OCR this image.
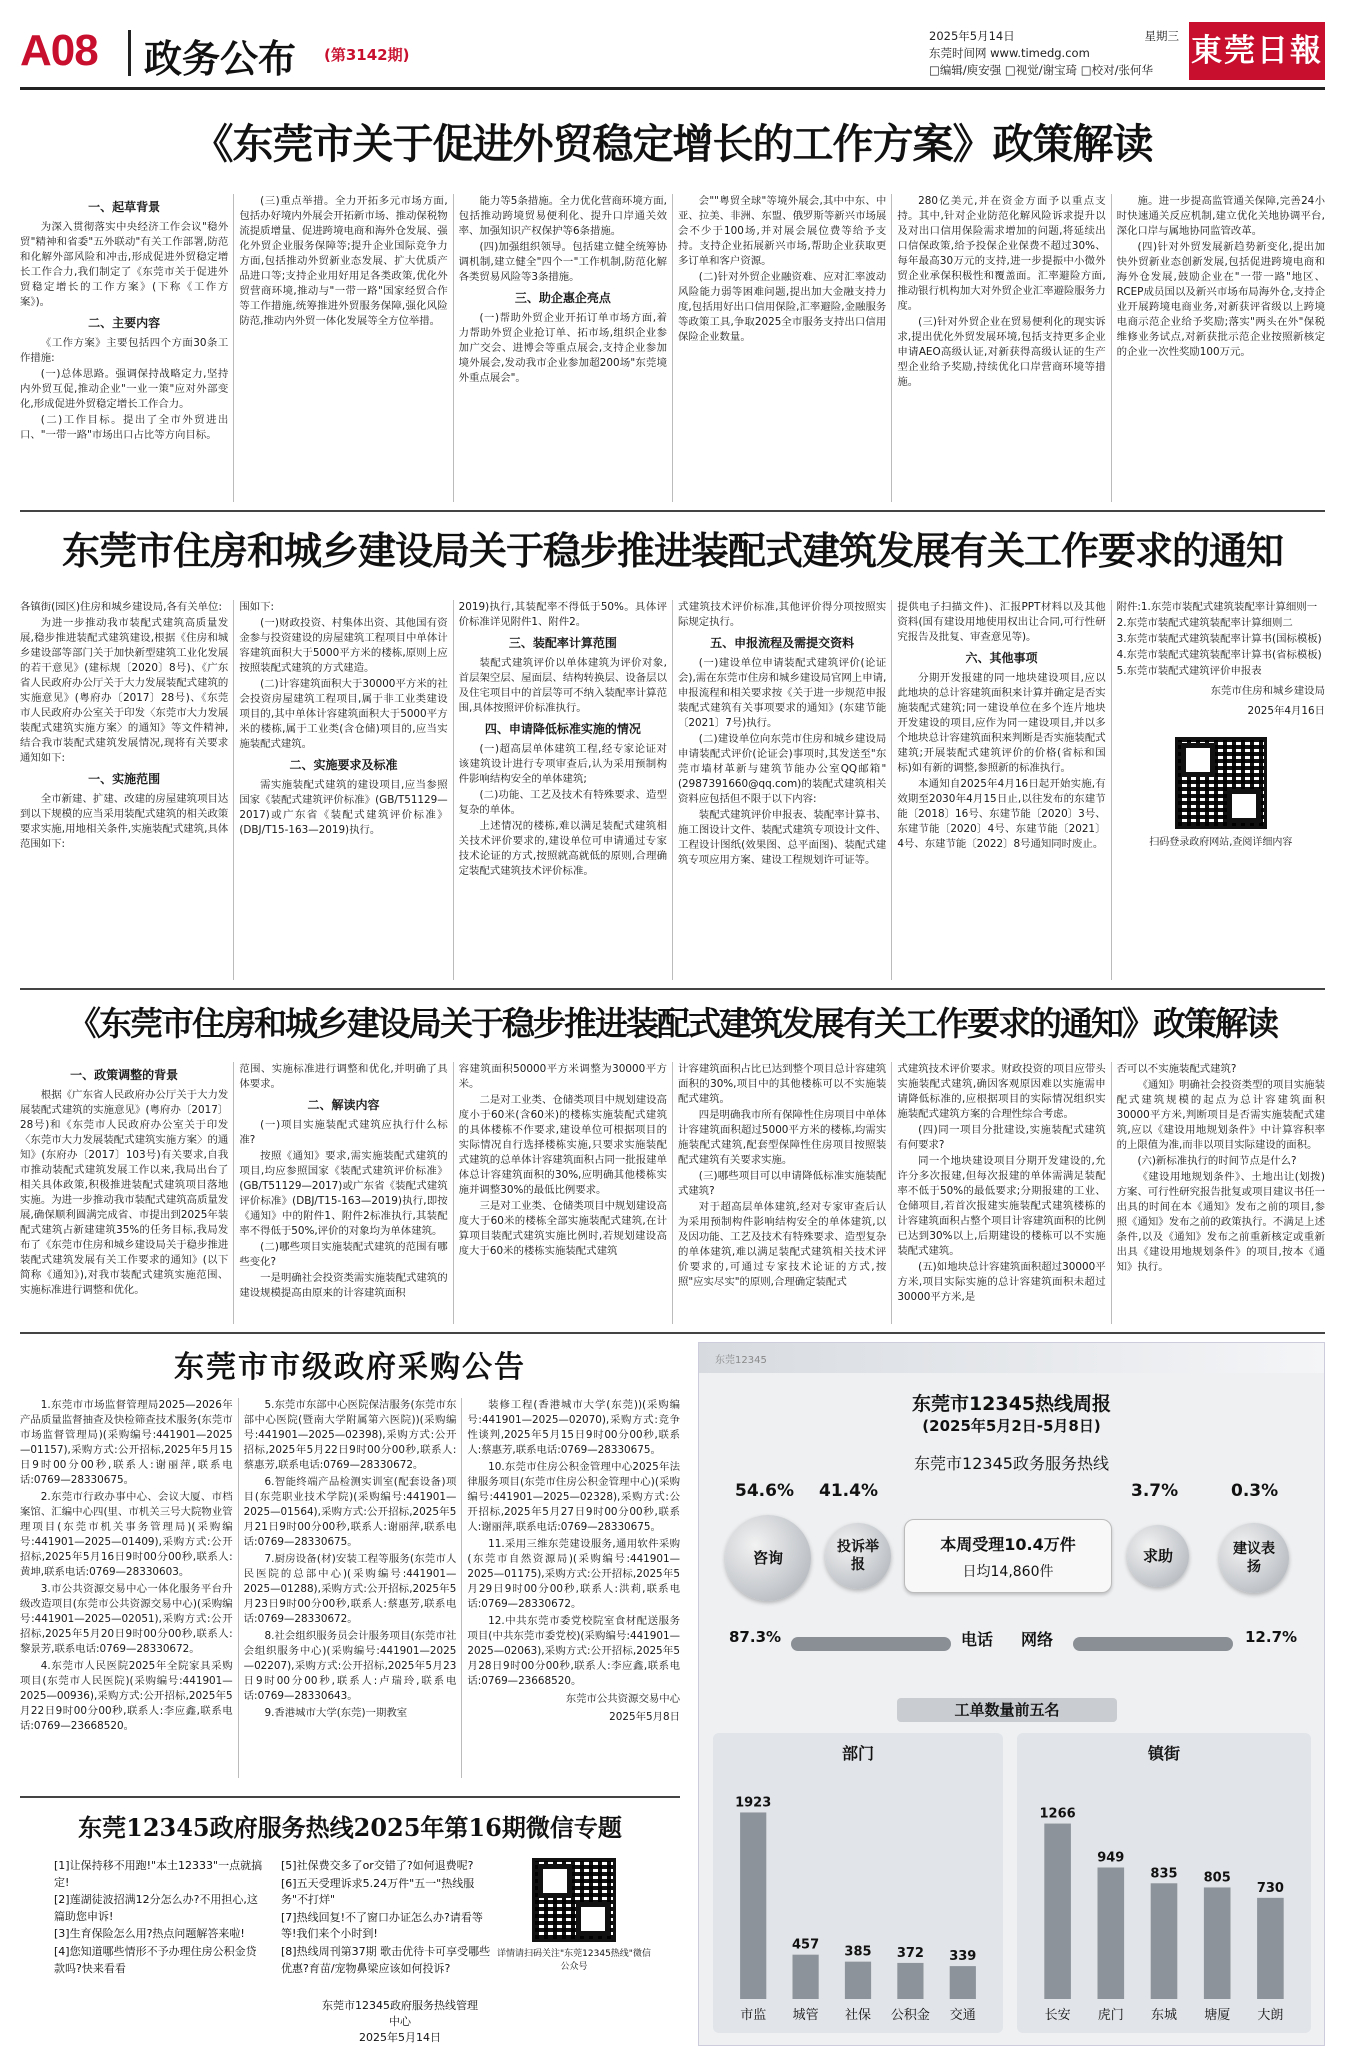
A08 政务公布 (第3142期)
2025年5月14日	星期三
东莞时间网 www.timedg.com
□编辑/庾安强 □视觉/谢宝琦 □校对/张何华
東莞日報
《东莞市关于促进外贸稳定增长的工作方案》政策解读
一、起草背景

为深入贯彻落实中央经济工作会议"稳外贸"精神和省委"五外联动"有关工作部署,防范和化解外部风险和冲击,形成促进外贸稳定增长工作合力,我们制定了《东莞市关于促进外贸稳定增长的工作方案》(下称《工作方案》)。

二、主要内容

《工作方案》主要包括四个方面30条工作措施:

(一)总体思路。强调保持战略定力,坚持内外贸互促,推动企业"一业一策"应对外部变化,形成促进外贸稳定增长工作合力。

(二)工作目标。提出了全市外贸进出口、"一带一路"市场出口占比等方向目标。

(三)重点举措。全力开拓多元市场方面,包括办好境内外展会开拓新市场、推动保税物流提质增量、促进跨境电商和海外仓发展、强化外贸企业服务保障等;提升企业国际竞争力方面,包括推动外贸新业态发展、扩大优质产品进口等;支持企业用好用足各类政策,优化外贸营商环境,推动与"一带一路"国家经贸合作等工作措施,统筹推进外贸服务保障,强化风险防范,推动内外贸一体化发展等全方位举措。

能力等5条措施。全力优化营商环境方面,包括推动跨境贸易便利化、提升口岸通关效率、加强知识产权保护等6条措施。

(四)加强组织领导。包括建立健全统筹协调机制,建立健全"四个一"工作机制,防范化解各类贸易风险等3条措施。

三、助企惠企亮点

(一)帮助外贸企业开拓订单市场方面,着力帮助外贸企业抢订单、拓市场,组织企业参加广交会、进博会等重点展会,支持企业参加境外展会,发动我市企业参加超200场"东莞境外重点展会"。

会""粤贸全球"等境外展会,其中中东、中亚、拉美、非洲、东盟、俄罗斯等新兴市场展会不少于100场,并对展会展位费等给予支持。支持企业拓展新兴市场,帮助企业获取更多订单和客户资源。

(二)针对外贸企业融资难、应对汇率波动风险能力弱等困难问题,提出加大金融支持力度,包括用好出口信用保险,汇率避险,金融服务等政策工具,争取2025全市服务支持出口信用保险企业数量。

280亿美元,并在资金方面予以重点支持。其中,针对企业防范化解风险诉求提升以及对出口信用保险需求增加的问题,将延续出口信保政策,给予投保企业保费不超过30%、每年最高30万元的支持,进一步提振中小微外贸企业承保积极性和覆盖面。汇率避险方面,推动银行机构加大对外贸企业汇率避险服务力度。

(三)针对外贸企业在贸易便利化的现实诉求,提出优化外贸发展环境,包括支持更多企业申请AEO高级认证,对新获得高级认证的生产型企业给予奖励,持续优化口岸营商环境等措施。

施。进一步提高监管通关保障,完善24小时快速通关反应机制,建立优化关地协调平台,深化口岸与属地协同监管改革。

(四)针对外贸发展新趋势新变化,提出加快外贸新业态创新发展,包括促进跨境电商和海外仓发展,鼓励企业在"一带一路"地区、RCEP成员国以及新兴市场布局海外仓,支持企业开展跨境电商业务,对新获评省级以上跨境电商示范企业给予奖励;落实"两头在外"保税维修业务试点,对新获批示范企业按照新核定的企业一次性奖励100万元。

东莞市住房和城乡建设局关于稳步推进装配式建筑发展有关工作要求的通知

各镇街(园区)住房和城乡建设局,各有关单位:

为进一步推动我市装配式建筑高质量发展,稳步推进装配式建筑建设,根据《住房和城乡建设部等部门关于加快新型建筑工业化发展的若干意见》(建标规〔2020〕8号)、《广东省人民政府办公厅关于大力发展装配式建筑的实施意见》(粤府办〔2017〕28号)、《东莞市人民政府办公室关于印发〈东莞市大力发展装配式建筑实施方案〉的通知》等文件精神,结合我市装配式建筑发展情况,现将有关要求通知如下:

一、实施范围

全市新建、扩建、改建的房屋建筑项目达到以下规模的应当采用装配式建筑的相关政策要求实施,用地相关条件,实施装配式建筑,具体范围如下:

围如下:

(一)财政投资、村集体出资、其他国有资金参与投资建设的房屋建筑工程项目中单体计容建筑面积大于5000平方米的楼栋,原则上应按照装配式建筑的方式建造。

(二)计容建筑面积大于30000平方米的社会投资房屋建筑工程项目,属于非工业类建设项目的,其中单体计容建筑面积大于5000平方米的楼栋,属于工业类(含仓储)项目的,应当实施装配式建筑。

二、实施要求及标准

需实施装配式建筑的建设项目,应当参照国家《装配式建筑评价标准》(GB/T51129—2017)或广东省《装配式建筑评价标准》(DBJ/T15-163—2019)执行。

2019)执行,其装配率不得低于50%。具体评价标准详见附件1、附件2。

三、装配率计算范围

装配式建筑评价以单体建筑为评价对象,首层架空层、屋面层、结构转换层、设备层以及住宅项目中的首层等可不纳入装配率计算范围,具体按照评价标准执行。

四、申请降低标准实施的情况

(一)超高层单体建筑工程,经专家论证对该建筑设计进行专项审查后,认为采用预制构件影响结构安全的单体建筑;

(二)功能、工艺及技术有特殊要求、造型复杂的单体。

上述情况的楼栋,难以满足装配式建筑相关技术评价要求的,建设单位可申请通过专家技术论证的方式,按照就高就低的原则,合理确定装配式建筑技术评价标准。

式建筑技术评价标准,其他评价得分项按照实际规定执行。

五、申报流程及需提交资料

(一)建设单位申请装配式建筑评价(论证会),需在东莞市住房和城乡建设局官网上申请,申报流程和相关要求按《关于进一步规范申报装配式建筑有关事项要求的通知》(东建节能〔2021〕7号)执行。

(二)建设单位向东莞市住房和城乡建设局申请装配式评价(论证会)事项时,其发送至"东莞市墙材革新与建筑节能办公室QQ邮箱"(2987391660@qq.com)的装配式建筑相关资料应包括但不限于以下内容:

装配式建筑评价申报表、装配率计算书、施工图设计文件、装配式建筑专项设计文件、工程设计图纸(效果图、总平面图)、装配式建筑专项应用方案、建设工程规划许可证等。

提供电子扫描文件)、汇报PPT材料以及其他资料(国有建设用地使用权出让合同,可行性研究报告及批复、审查意见等)。

六、其他事项

分期开发报建的同一地块建设项目,应以此地块的总计容建筑面积来计算并确定是否实施装配式建筑;同一建设单位在多个连片地块开发建设的项目,应作为同一建设项目,并以多个地块总计容建筑面积来判断是否实施装配式建筑;开展装配式建筑评价的价格(省标和国标)如有新的调整,参照新的标准执行。

本通知自2025年4月16日起开始实施,有效期至2030年4月15日止,以往发布的东建节能〔2018〕16号、东建节能〔2020〕3号、东建节能〔2020〕4号、东建节能〔2021〕4号、东建节能〔2022〕8号通知同时废止。

附件:1.东莞市装配式建筑装配率计算细则一

2.东莞市装配式建筑装配率计算细则二

3.东莞市装配式建筑装配率计算书(国标模板)

4.东莞市装配式建筑装配率计算书(省标模板)

5.东莞市装配式建筑评价申报表

东莞市住房和城乡建设局
2025年4月16日
扫码登录政府网站,查阅详细内容
《东莞市住房和城乡建设局关于稳步推进装配式建筑发展有关工作要求的通知》政策解读
一、政策调整的背景

根据《广东省人民政府办公厅关于大力发展装配式建筑的实施意见》(粤府办〔2017〕28号)和《东莞市人民政府办公室关于印发〈东莞市大力发展装配式建筑实施方案〉的通知》(东府办〔2017〕103号)有关要求,自我市推动装配式建筑发展工作以来,我局出台了相关具体政策,积极推进装配式建筑项目落地实施。为进一步推动我市装配式建筑高质量发展,确保顺利圆满完成省、市提出到2025年装配式建筑占新建建筑35%的任务目标,我局发布了《东莞市住房和城乡建设局关于稳步推进装配式建筑发展有关工作要求的通知》(以下简称《通知》),对我市装配式建筑实施范围、实施标准进行调整和优化。

范围、实施标准进行调整和优化,并明确了具体要求。

二、解读内容

(一)项目实施装配式建筑应执行什么标准?

按照《通知》要求,需实施装配式建筑的项目,均应参照国家《装配式建筑评价标准》(GB/T51129—2017)或广东省《装配式建筑评价标准》(DBJ/T15-163—2019)执行,即按《通知》中的附件1、附件2标准执行,其装配率不得低于50%,评价的对象均为单体建筑。

(二)哪些项目实施装配式建筑的范围有哪些变化?

一是明确社会投资类需实施装配式建筑的建设规模提高由原来的计容建筑面积

容建筑面积50000平方米调整为30000平方米。

二是对工业类、仓储类项目中规划建设高度小于60米(含60米)的楼栋实施装配式建筑的具体楼栋不作要求,建设单位可根据项目的实际情况自行选择楼栋实施,只要求实施装配式建筑的总单体计容建筑面积占同一批报建单体总计容建筑面积的30%,应明确其他楼栋实施并调整30%的最低比例要求。

三是对工业类、仓储类项目中规划建设高度大于60米的楼栋全部实施装配式建筑,在计算项目装配式建筑实施比例时,若规划建设高度大于60米的楼栋实施装配式建筑

计容建筑面积占比已达到整个项目总计容建筑面积的30%,项目中的其他楼栋可以不实施装配式建筑。

四是明确我市所有保障性住房项目中单体计容建筑面积超过5000平方米的楼栋,均需实施装配式建筑,配套型保障性住房项目按照装配式建筑有关要求实施。

(三)哪些项目可以申请降低标准实施装配式建筑?

对于超高层单体建筑,经对专家审查后认为采用预制构件影响结构安全的单体建筑,以及因功能、工艺及技术有特殊要求、造型复杂的单体建筑,难以满足装配式建筑相关技术评价要求的,可通过专家技术论证的方式,按照"应实尽实"的原则,合理确定装配式

式建筑技术评价要求。财政投资的项目应带头实施装配式建筑,确因客观原因难以实施需申请降低标准的,应根据项目的实际情况组织实施装配式建筑方案的合理性综合考虑。

(四)同一项目分批建设,实施装配式建筑有何要求?

同一个地块建设项目分期开发建设的,允许分多次报建,但每次报建的单体需满足装配率不低于50%的最低要求;分期报建的工业、仓储项目,若首次报建实施装配式建筑楼栋的计容建筑面积占整个项目计容建筑面积的比例已达到30%以上,后期建设的楼栋可以不实施装配式建筑。

(五)如地块总计容建筑面积超过30000平方米,项目实际实施的总计容建筑面积未超过30000平方米,是

否可以不实施装配式建筑?

《通知》明确社会投资类型的项目实施装配式建筑规模的起点为总计容建筑面积30000平方米,判断项目是否需实施装配式建筑,应以《建设用地规划条件》中计算容积率的上限值为准,而非以项目实际建设的面积。

(六)新标准执行的时间节点是什么?

《建设用地规划条件》、土地出让(划拨)方案、可行性研究报告批复或项目建议书任一出具的时间在本《通知》发布之前的项目,参照《通知》发布之前的政策执行。不满足上述条件,以及《通知》发布之前重新核定或重新出具《建设用地规划条件》的项目,按本《通知》执行。

东莞市市级政府采购公告

1.东莞市市场监督管理局2025—2026年产品质量监督抽查及快检筛查技术服务(东莞市市场监督管理局)(采购编号:441901—2025—01157),采购方式:公开招标,2025年5月15日9时00分00秒,联系人:谢丽萍,联系电话:0769—28330675。

2.东莞市行政办事中心、会议大厦、市档案馆、汇编中心四(里、市机关三号大院物业管理项目(东莞市机关事务管理局)(采购编号:441901—2025—01409),采购方式:公开招标,2025年5月16日9时00分00秒,联系人:黄坤,联系电话:0769—28330603。

3.市公共资源交易中心一体化服务平台升级改造项目(东莞市公共资源交易中心)(采购编号:441901—2025—02051),采购方式:公开招标,2025年5月20日9时00分00秒,联系人:黎景芳,联系电话:0769—28330672。

4.东莞市人民医院2025年全院家具采购项目(东莞市人民医院)(采购编号:441901—2025—00936),采购方式:公开招标,2025年5月22日9时00分00秒,联系人:李应鑫,联系电话:0769—23668520。

5.东莞市东部中心医院保洁服务(东莞市东部中心医院(暨南大学附属第六医院))(采购编号:441901—2025—02398),采购方式:公开招标,2025年5月22日9时00分00秒,联系人:蔡惠芳,联系电话:0769—28330672。

6.智能终端产品检测实训室(配套设备)项目(东莞职业技术学院)(采购编号:441901—2025—01564),采购方式:公开招标,2025年5月21日9时00分00秒,联系人:谢丽萍,联系电话:0769—28330675。

7.厨房设备(材)安装工程等服务(东莞市人民医院的总部中心)(采购编号:441901—2025—01288),采购方式:公开招标,2025年5月23日9时00分00秒,联系人:蔡惠芳,联系电话:0769—28330672。

8.社会组织服务员会计服务项目(东莞市社会组织服务中心)(采购编号:441901—2025—02207),采购方式:公开招标,2025年5月23日9时00分00秒,联系人:卢瑞玲,联系电话:0769—28330643。

9.香港城市大学(东莞)一期教室

装修工程(香港城市大学(东莞))(采购编号:441901—2025—02070),采购方式:竞争性谈判,2025年5月15日9时00分00秒,联系人:蔡惠芳,联系电话:0769—28330675。

10.东莞市住房公积金管理中心2025年法律服务项目(东莞市住房公积金管理中心)(采购编号:441901—2025—02328),采购方式:公开招标,2025年5月27日9时00分00秒,联系人:谢丽萍,联系电话:0769—28330675。

11.采用三维东莞建设服务,通用软件采购(东莞市自然资源局)(采购编号:441901—2025—01175),采购方式:公开招标,2025年5月29日9时00分00秒,联系人:洪莉,联系电话:0769—28330672。

12.中共东莞市委党校院室食材配送服务项目(中共东莞市委党校)(采购编号:441901—2025—02063),采购方式:公开招标,2025年5月28日9时00分00秒,联系人:李应鑫,联系电话:0769—23668520。

东莞市公共资源交易中心
2025年5月8日
东莞12345政府服务热线2025年第16期微信专题
[1]让保持移不用跑!"本土12333"一点就搞定!
[2]莲湖徒波招满12分怎么办?不用担心,这篇助您申诉!
[3]生育保险怎么用?热点问题解答来啦!
[4]您知道哪些情形不予办理住房公积金贷款吗?快来看看
[5]社保费交多了or交错了?如何退费呢?
[6]五天受理诉求5.24万件"五一"热线服务"不打烊"
[7]热线回复!不了窗口办证怎么办?请看等等!我们来个小时到!
[8]热线周刊第37期 歌击优待卡可享受哪些优惠?育苗/宠物鼻梁应该如何投诉?
详情请扫码关注"东莞12345热线"微信公众号
东莞市12345政府服务热线管理中心
2025年5月14日
东莞12345
东莞市12345热线周报
(2025年5月2日-5月8日)
东莞市12345政务服务热线
54.6% 41.4%	3.7%	0.3%
咨询
投诉举报
本周受理10.4万件
日均14,860件
求助	建议表扬
87.3%	电话 网络	12.7%
工单数量前五名
部门
1923
市监
457
城管
385
社保
372
公积金
339
交通
镇街
1266
长安
949
虎门
835
东城
805
塘厦
730
大朗
